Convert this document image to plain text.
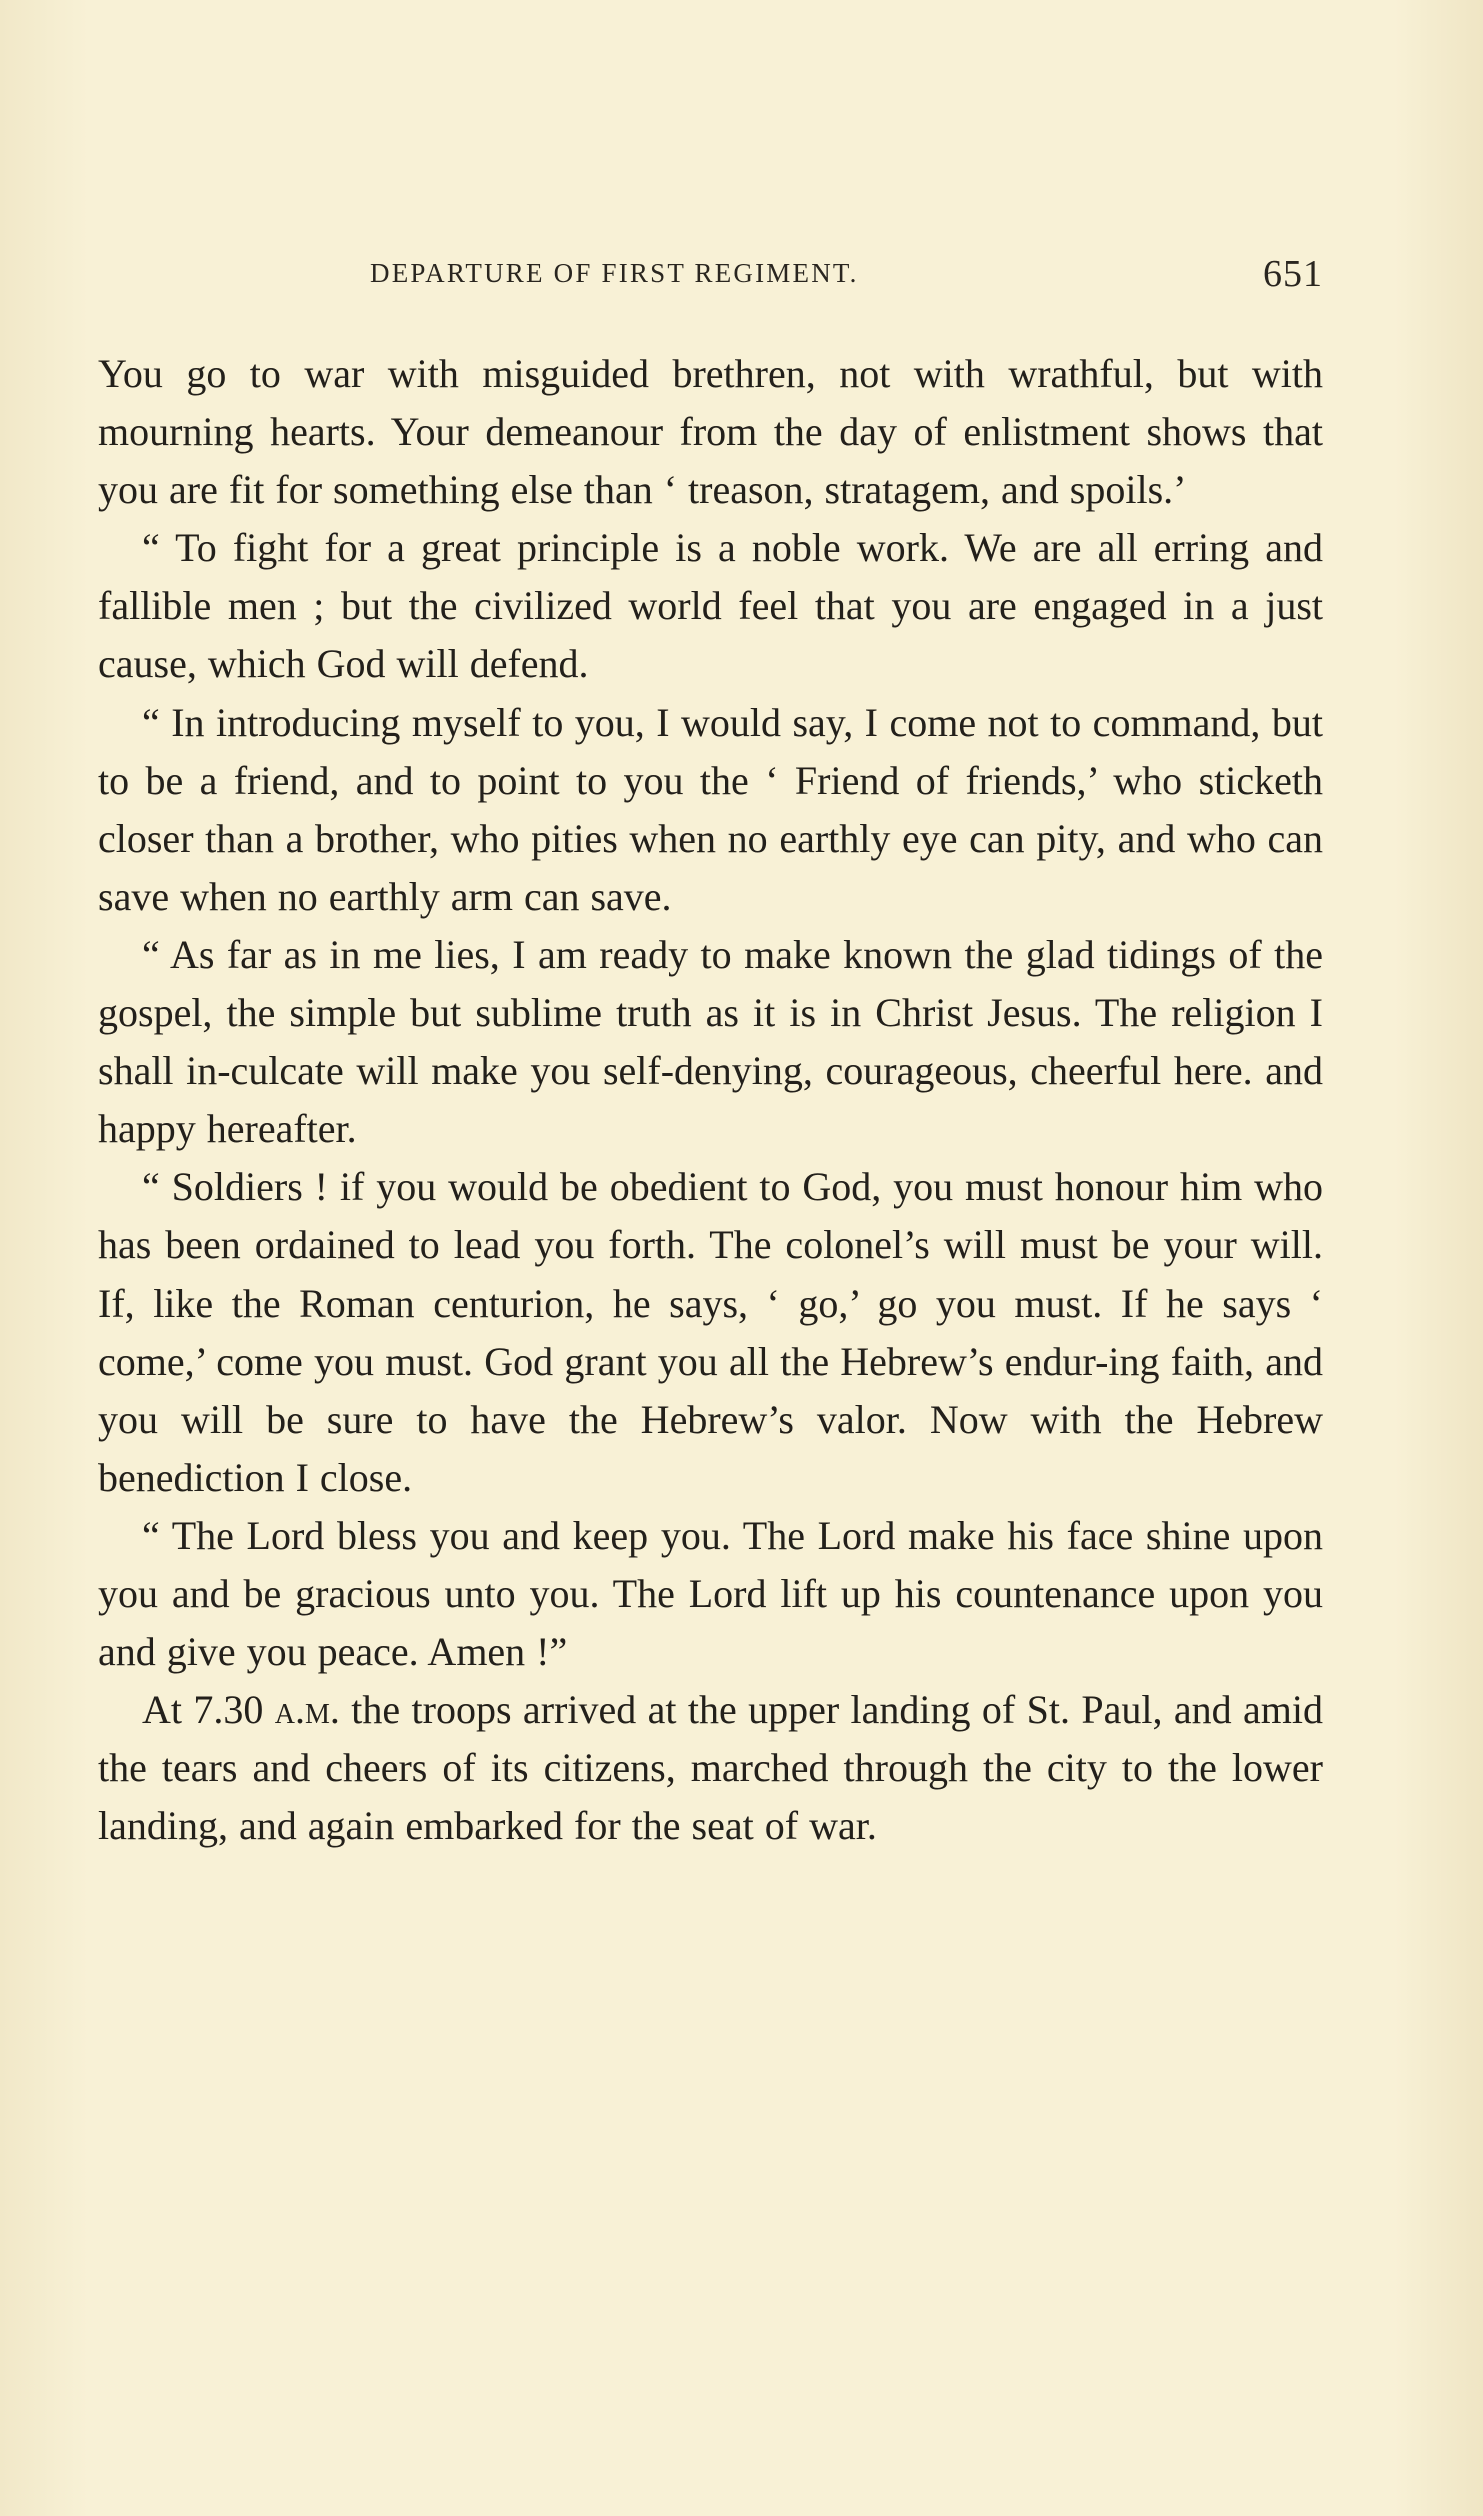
DEPARTURE OF FIRST REGIMENT.	651

You go to war with misguided brethren, not with wrathful, but with mourning hearts. Your demeanour from the day of enlistment shows that you are fit for something else than ‘ treason, stratagem, and spoils.’

“ To fight for a great principle is a noble work. We are all erring and fallible men ; but the civilized world feel that you are engaged in a just cause, which God will defend.

“ In introducing myself to you, I would say, I come not to command, but to be a friend, and to point to you the ‘ Friend of friends,’ who sticketh closer than a brother, who pities when no earthly eye can pity, and who can save when no earthly arm can save.

“ As far as in me lies, I am ready to make known the glad tidings of the gospel, the simple but sublime truth as it is in Christ Jesus. The religion I shall in-culcate will make you self-denying, courageous, cheerful here. and happy hereafter.

“ Soldiers ! if you would be obedient to God, you must honour him who has been ordained to lead you forth. The colonel’s will must be your will. If, like the Roman centurion, he says, ‘ go,’ go you must. If he says ‘ come,’ come you must. God grant you all the Hebrew’s endur-ing faith, and you will be sure to have the Hebrew’s valor. Now with the Hebrew benediction I close.

“ The Lord bless you and keep you. The Lord make his face shine upon you and be gracious unto you. The Lord lift up his countenance upon you and give you peace. Amen !”

At 7.30 a.m. the troops arrived at the upper landing of St. Paul, and amid the tears and cheers of its citizens, marched through the city to the lower landing, and again embarked for the seat of war.
